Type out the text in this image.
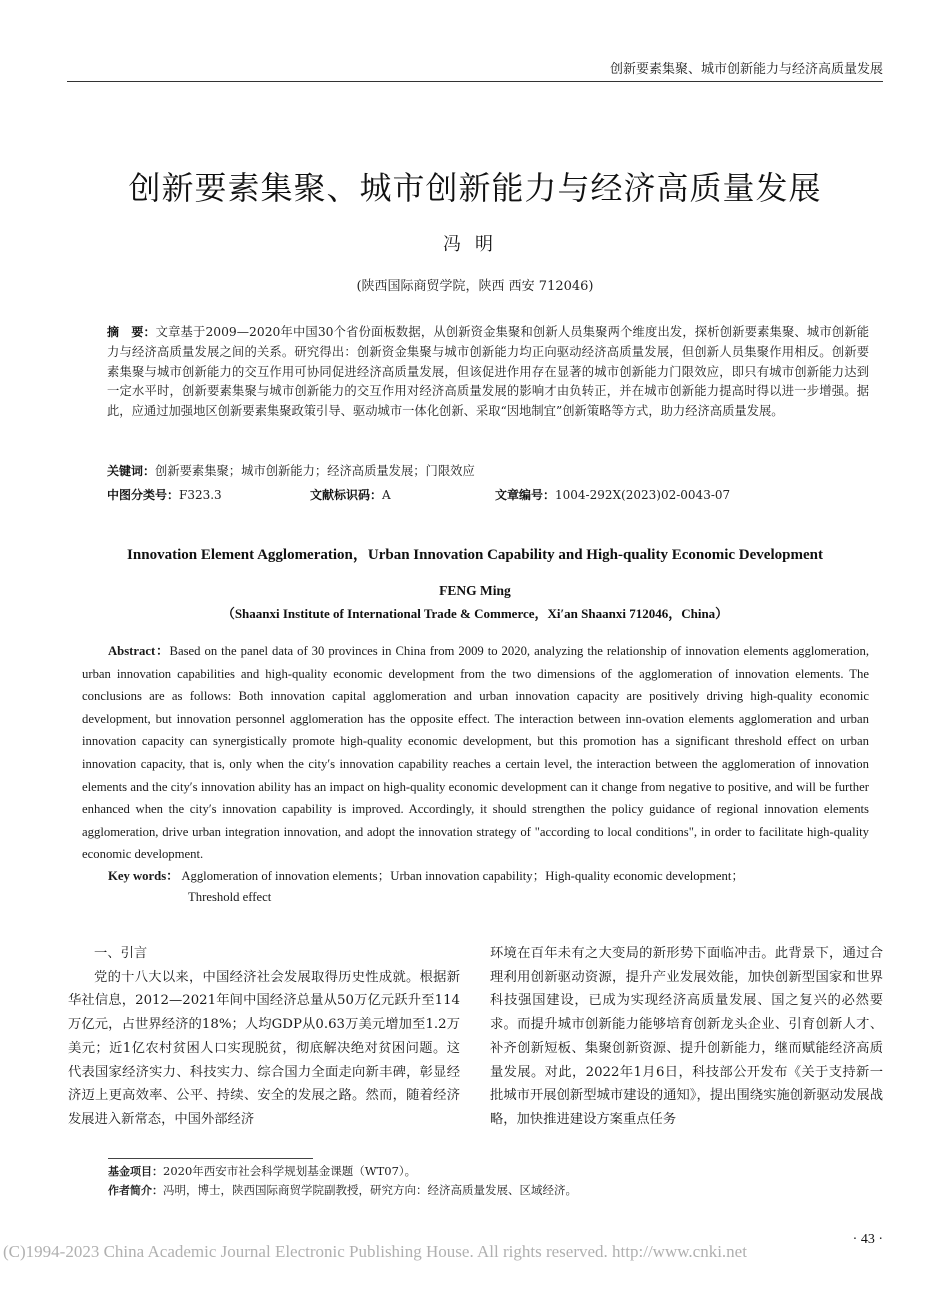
创新要素集聚、城市创新能力与经济高质量发展
创新要素集聚、城市创新能力与经济高质量发展
冯明
(陕西国际商贸学院，陕西 西安 712046)
摘　要：文章基于2009—2020年中国30个省份面板数据，从创新资金集聚和创新人员集聚两个维度出发，探析创新要素集聚、城市创新能力与经济高质量发展之间的关系。研究得出：创新资金集聚与城市创新能力均正向驱动经济高质量发展，但创新人员集聚作用相反。创新要素集聚与城市创新能力的交互作用可协同促进经济高质量发展，但该促进作用存在显著的城市创新能力门限效应，即只有城市创新能力达到一定水平时，创新要素集聚与城市创新能力的交互作用对经济高质量发展的影响才由负转正，并在城市创新能力提高时得以进一步增强。据此，应通过加强地区创新要素集聚政策引导、驱动城市一体化创新、采取“因地制宜”创新策略等方式，助力经济高质量发展。
关键词：创新要素集聚；城市创新能力；经济高质量发展；门限效应
中图分类号：F323.3	文献标识码：A	文章编号：1004-292X(2023)02-0043-07
Innovation Element Agglomeration，Urban Innovation Capability and High-quality Economic Development
FENG Ming
（Shaanxi Institute of International Trade & Commerce，Xi′an Shaanxi 712046，China）
Abstract：Based on the panel data of 30 provinces in China from 2009 to 2020, analyzing the relationship of innovation elements agglomeration, urban innovation capabilities and high-quality economic development from the two dimensions of the agglomeration of innovation elements. The conclusions are as follows: Both innovation capital agglomeration and urban innovation capacity are positively driving high-quality economic development, but innovation personnel agglomeration has the opposite effect. The interaction between inn-ovation elements agglomeration and urban innovation capacity can synergistically promote high-quality economic development, but this promotion has a significant threshold effect on urban innovation capacity, that is, only when the city′s innovation capability reaches a certain level, the interaction between the agglomeration of innovation elements and the city′s innovation ability has an impact on high-quality economic development can it change from negative to positive, and will be further enhanced when the city′s innovation capability is improved. Accordingly, it should strengthen the policy guidance of regional innovation elements agglomeration, drive urban integration innovation, and adopt the innovation strategy of "according to local conditions", in order to facilitate high-quality economic development.
Key words： Agglomeration of innovation elements；Urban innovation capability；High-quality economic development；
Threshold effect
一、引言
党的十八大以来，中国经济社会发展取得历史性成就。根据新华社信息，2012—2021年间中国经济总量从50万亿元跃升至114万亿元，占世界经济的18%；人均GDP从0.63万美元增加至1.2万美元；近1亿农村贫困人口实现脱贫，彻底解决绝对贫困问题。这代表国家经济实力、科技实力、综合国力全面走向新丰碑，彰显经济迈上更高效率、公平、持续、安全的发展之路。然而，随着经济发展进入新常态，中国外部经济
环境在百年未有之大变局的新形势下面临冲击。此背景下，通过合理利用创新驱动资源，提升产业发展效能，加快创新型国家和世界科技强国建设，已成为实现经济高质量发展、国之复兴的必然要求。而提升城市创新能力能够培育创新龙头企业、引育创新人才、补齐创新短板、集聚创新资源、提升创新能力，继而赋能经济高质量发展。对此，2022年1月6日，科技部公开发布《关于支持新一批城市开展创新型城市建设的通知》，提出围绕实施创新驱动发展战略，加快推进建设方案重点任务
基金项目：2020年西安市社会科学规划基金课题（WT07）。
作者简介：冯明，博士，陕西国际商贸学院副教授，研究方向：经济高质量发展、区域经济。
(C)1994-2023 China Academic Journal Electronic Publishing House. All rights reserved. http://www.cnki.net
· 43 ·
